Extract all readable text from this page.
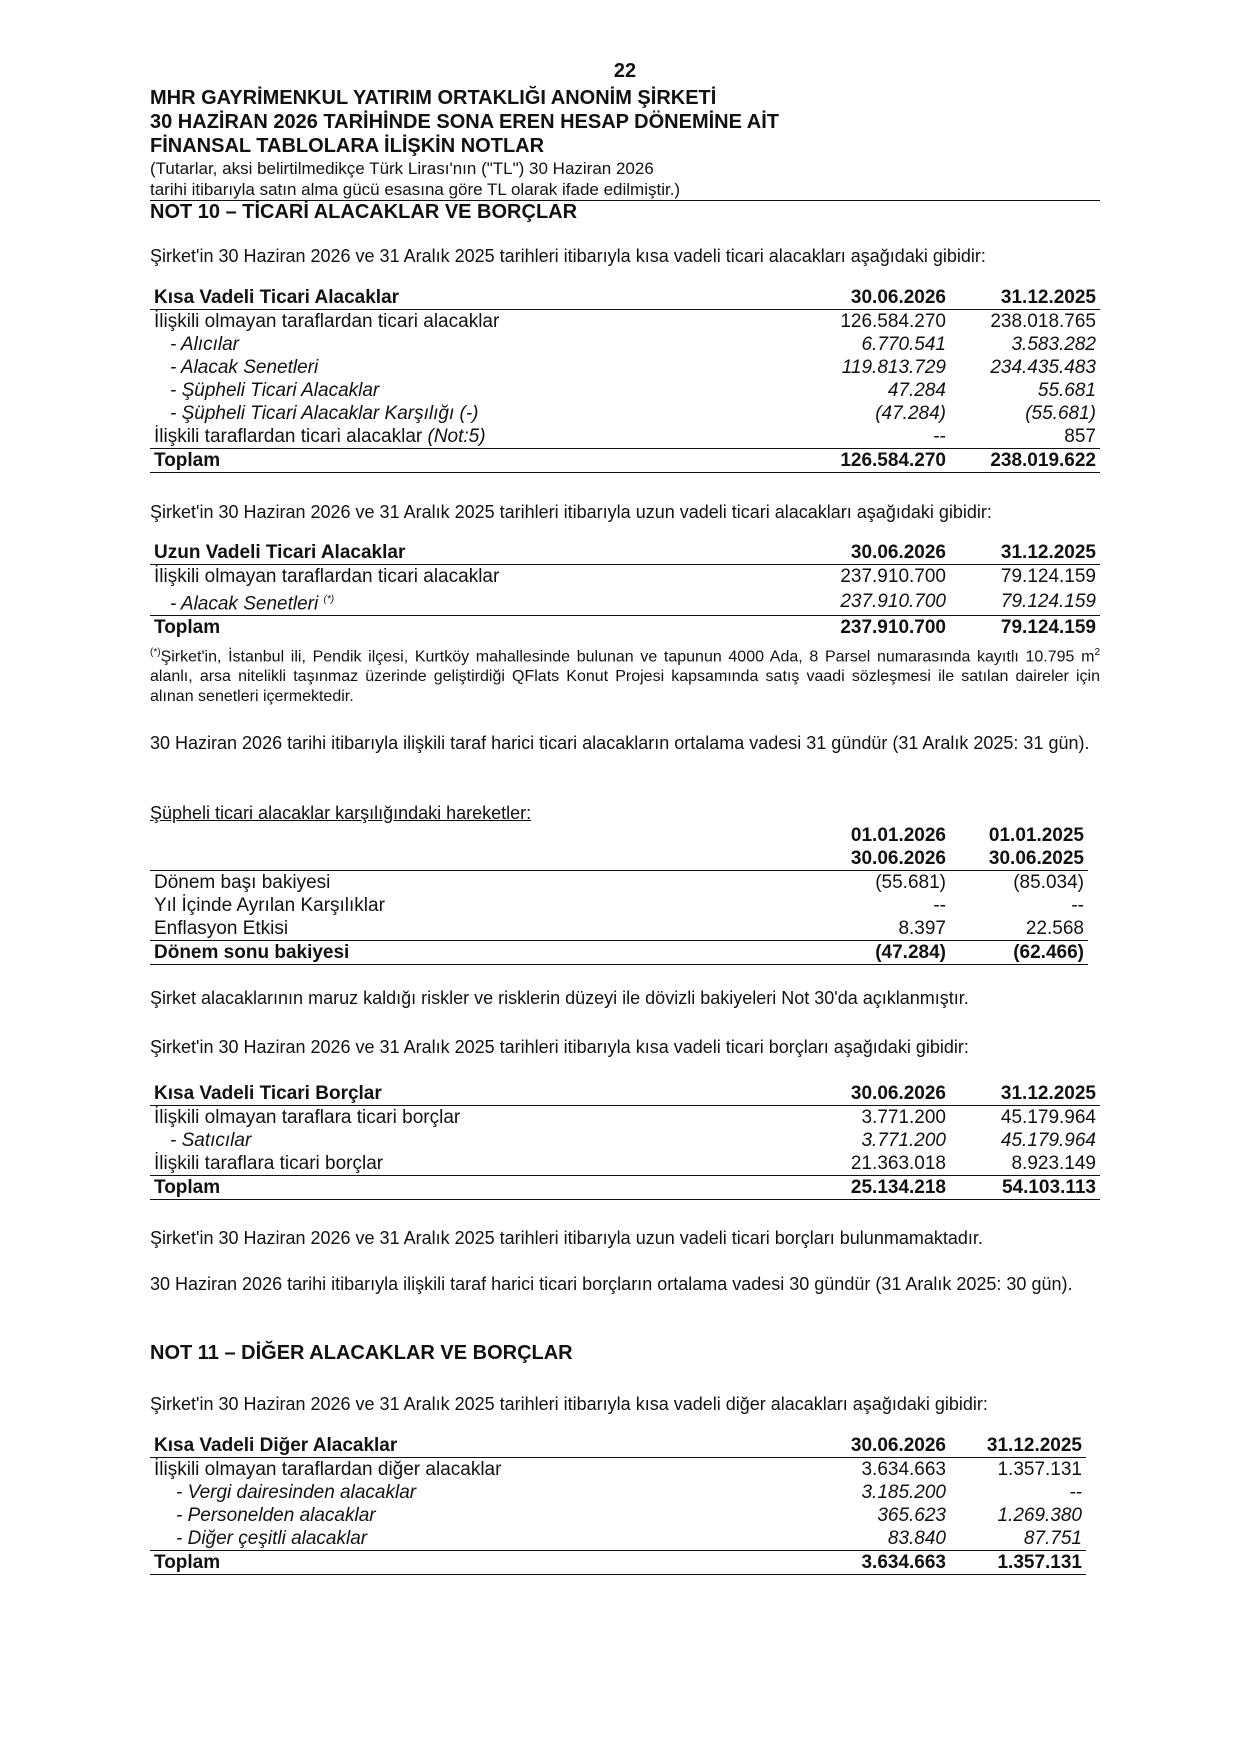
22
MHR GAYRİMENKUL YATIRIM ORTAKLIĞI ANONİM ŞİRKETİ
30 HAZİRAN 2026 TARİHİNDE SONA EREN HESAP DÖNEMİNE AİT
FİNANSAL TABLOLARA İLİŞKİN NOTLAR
(Tutarlar, aksi belirtilmedikçe Türk Lirası'nın ("TL") 30 Haziran 2026
tarihi itibarıyla satın alma gücü esasına göre TL olarak ifade edilmiştir.)
NOT 10 – TİCARİ ALACAKLAR VE BORÇLAR
Şirket'in 30 Haziran 2026 ve 31 Aralık 2025 tarihleri itibarıyla kısa vadeli ticari alacakları aşağıdaki gibidir:
Kısa Vadeli Ticari Alacaklar	30.06.2026	31.12.2025
İlişkili olmayan taraflardan ticari alacaklar	126.584.270	238.018.765
- Alıcılar	6.770.541	3.583.282
- Alacak Senetleri	119.813.729	234.435.483
- Şüpheli Ticari Alacaklar	47.284	55.681
- Şüpheli Ticari Alacaklar Karşılığı (-)	(47.284)	(55.681)
İlişkili taraflardan ticari alacaklar (Not:5)	--	857
Toplam	126.584.270	238.019.622
Şirket'in 30 Haziran 2026 ve 31 Aralık 2025 tarihleri itibarıyla uzun vadeli ticari alacakları aşağıdaki gibidir:
Uzun Vadeli Ticari Alacaklar	30.06.2026	31.12.2025
İlişkili olmayan taraflardan ticari alacaklar	237.910.700	79.124.159
- Alacak Senetleri (*)	237.910.700	79.124.159
Toplam	237.910.700	79.124.159
(*)Şirket'in, İstanbul ili, Pendik ilçesi, Kurtköy mahallesinde bulunan ve tapunun 4000 Ada, 8 Parsel numarasında kayıtlı 10.795 $m^2$ alanlı, arsa nitelikli taşınmaz üzerinde geliştirdiği QFlats Konut Projesi kapsamında satış vaadi sözleşmesi ile satılan daireler için alınan senetleri içermektedir.
30 Haziran 2026 tarihi itibarıyla ilişkili taraf harici ticari alacakların ortalama vadesi 31 gündür (31 Aralık 2025: 31 gün).
Şüpheli ticari alacaklar karşılığındaki hareketler:
	01.01.2026	01.01.2025
	30.06.2026	30.06.2025
Dönem başı bakiyesi	(55.681)	(85.034)
Yıl İçinde Ayrılan Karşılıklar	--	--
Enflasyon Etkisi	8.397	22.568
Dönem sonu bakiyesi	(47.284)	(62.466)
Şirket alacaklarının maruz kaldığı riskler ve risklerin düzeyi ile dövizli bakiyeleri Not 30'da açıklanmıştır.
Şirket'in 30 Haziran 2026 ve 31 Aralık 2025 tarihleri itibarıyla kısa vadeli ticari borçları aşağıdaki gibidir:
Kısa Vadeli Ticari Borçlar	30.06.2026	31.12.2025
İlişkili olmayan taraflara ticari borçlar	3.771.200	45.179.964
- Satıcılar	3.771.200	45.179.964
İlişkili taraflara ticari borçlar	21.363.018	8.923.149
Toplam	25.134.218	54.103.113
Şirket'in 30 Haziran 2026 ve 31 Aralık 2025 tarihleri itibarıyla uzun vadeli ticari borçları bulunmamaktadır.
30 Haziran 2026 tarihi itibarıyla ilişkili taraf harici ticari borçların ortalama vadesi 30 gündür (31 Aralık 2025: 30 gün).
NOT 11 – DİĞER ALACAKLAR VE BORÇLAR
Şirket'in 30 Haziran 2026 ve 31 Aralık 2025 tarihleri itibarıyla kısa vadeli diğer alacakları aşağıdaki gibidir:
Kısa Vadeli Diğer Alacaklar	30.06.2026	31.12.2025
İlişkili olmayan taraflardan diğer alacaklar	3.634.663	1.357.131
- Vergi dairesinden alacaklar	3.185.200	--
- Personelden alacaklar	365.623	1.269.380
- Diğer çeşitli alacaklar	83.840	87.751
Toplam	3.634.663	1.357.131
